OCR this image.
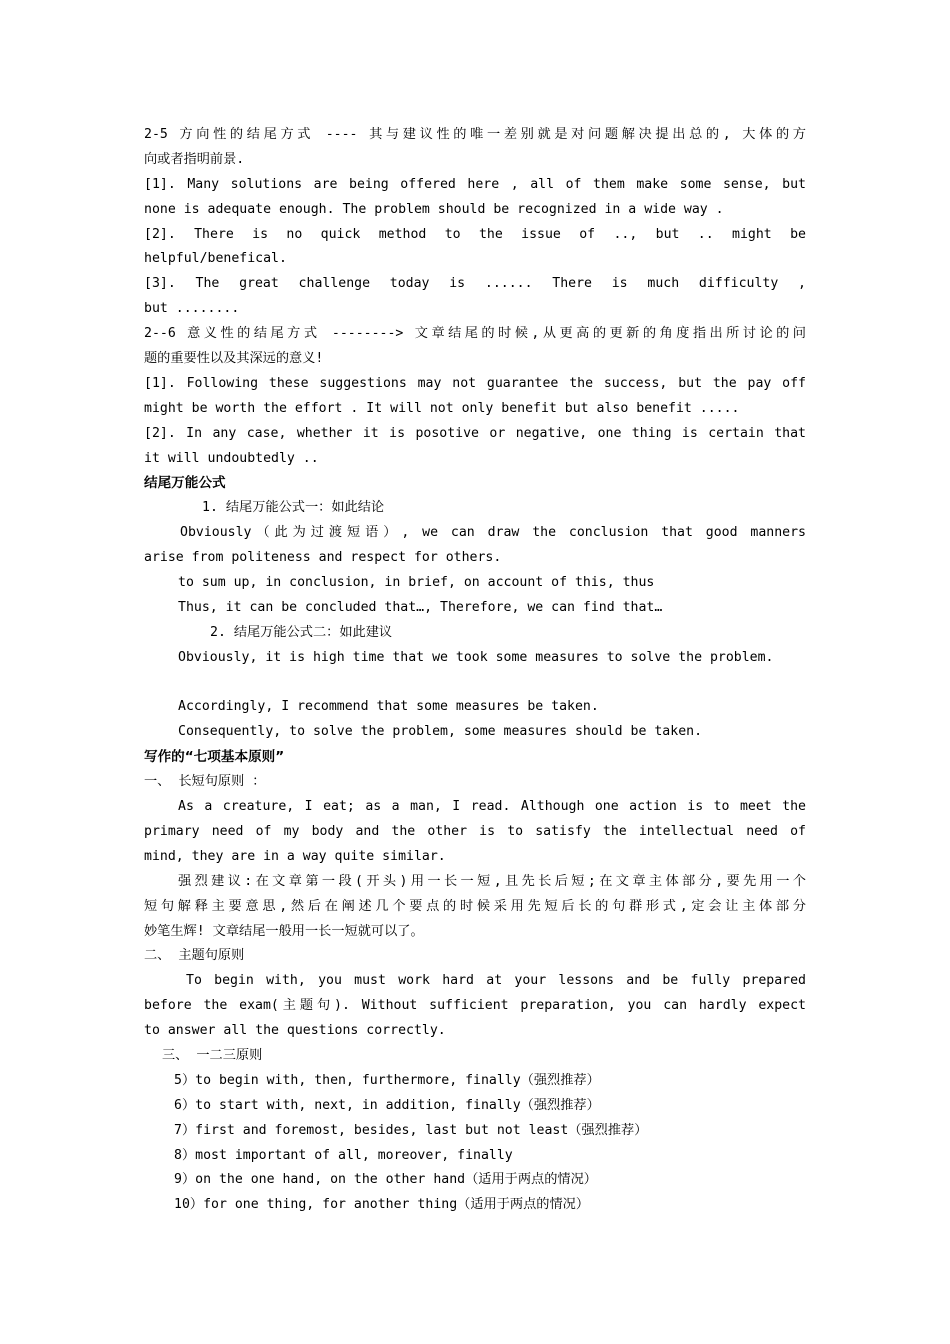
2-5 方向性的结尾方式 ---- 其与建议性的唯一差别就是对问题解决提出总的, 大体的方
向或者指明前景.
[1]. Many solutions are being offered here , all of them make some sense, but
none is adequate enough. The problem should be recognized in a wide way .
[2]. There is no quick method to the issue of .., but .. might be
helpful/benefical.
[3]. The great challenge today is ...... There is much difficulty ,
but ........
2--6 意义性的结尾方式 --------> 文章结尾的时候,从更高的更新的角度指出所讨论的问
题的重要性以及其深远的意义!
[1]. Following these suggestions may not guarantee the success, but the pay off
might be worth the effort . It will not only benefit but also benefit .....
[2]. In any case, whether it is posotive or negative, one thing is certain that
it will undoubtedly ..
结尾万能公式
1. 结尾万能公式一：如此结论
Obviously（此为过渡短语）, we can draw the conclusion that good manners
arise from politeness and respect for others.
to sum up, in conclusion, in brief, on account of this, thus
Thus, it can be concluded that…, Therefore, we can find that…
2. 结尾万能公式二：如此建议
Obviously, it is high time that we took some measures to solve the problem.
Accordingly, I recommend that some measures be taken.
Consequently, to solve the problem, some measures should be taken.
写作的“七项基本原则”
一、 长短句原则 ：
As a creature, I eat; as a man, I read. Although one action is to meet the
primary need of my body and the other is to satisfy the intellectual need of
mind, they are in a way quite similar.
强烈建议:在文章第一段(开头)用一长一短,且先长后短;在文章主体部分,要先用一个
短句解释主要意思,然后在阐述几个要点的时候采用先短后长的句群形式,定会让主体部分
妙笔生辉! 文章结尾一般用一长一短就可以了。
二、 主题句原则
To begin with, you must work hard at your lessons and be fully prepared
before the exam(主题句). Without sufficient preparation, you can hardly expect
to answer all the questions correctly.
三、 一二三原则
5）to begin with, then, furthermore, finally（强烈推荐）
6）to start with, next, in addition, finally（强烈推荐）
7）first and foremost, besides, last but not least（强烈推荐）
8）most important of all, moreover, finally
9）on the one hand, on the other hand（适用于两点的情况）
10）for one thing, for another thing（适用于两点的情况）
